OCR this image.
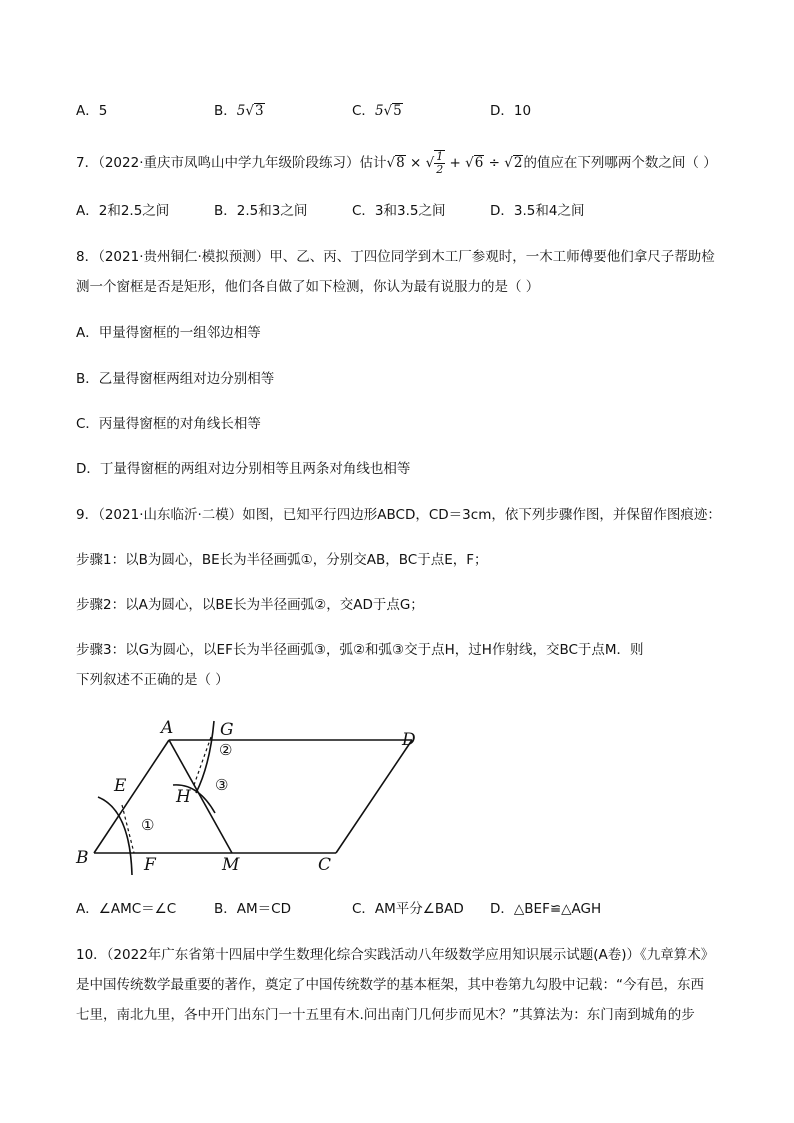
A．5	B．5√3	C．5√5	D．10
7．（2022·重庆市凤鸣山中学九年级阶段练习）估计√8 × √ $\frac{1}{2} + √6 \div √2$的值应在下列哪两个数之间（ ）
A．2和2.5之间	B．2.5和3之间	C．3和3.5之间	D．3.5和4之间
8．（2021·贵州铜仁·模拟预测）甲、乙、丙、丁四位同学到木工厂参观时，一木工师傅要他们拿尺子帮助检
测一个窗框是否是矩形，他们各自做了如下检测，你认为最有说服力的是（ ）
A．甲量得窗框的一组邻边相等
B．乙量得窗框两组对边分别相等
C．丙量得窗框的对角线长相等
D．丁量得窗框的两组对边分别相等且两条对角线也相等
9．（2021·山东临沂·二模）如图，已知平行四边形ABCD，CD＝3cm，依下列步骤作图，并保留作图痕迹：
步骤1：以B为圆心，BE长为半径画弧①，分别交AB，BC于点E，F；
步骤2：以A为圆心，以BE长为半径画弧②，交AD于点G；
步骤3：以G为圆心，以EF长为半径画弧③，弧②和弧③交于点H，过H作射线，交BC于点M．则
下列叙述不正确的是（ ）
A	G	D
E
H
B	F	M	C
①
②
③
A．∠AMC＝∠C	B．AM＝CD	C．AM平分∠BAD D．△BEF≌△AGH
10．（2022年广东省第十四届中学生数理化综合实践活动八年级数学应用知识展示试题(A卷)）《九章算术》
是中国传统数学最重要的著作，奠定了中国传统数学的基本框架，其中卷第九勾股中记载：“今有邑，东西
七里，南北九里，各中开门出东门一十五里有木.问出南门几何步而见木？”其算法为：东门南到城角的步
